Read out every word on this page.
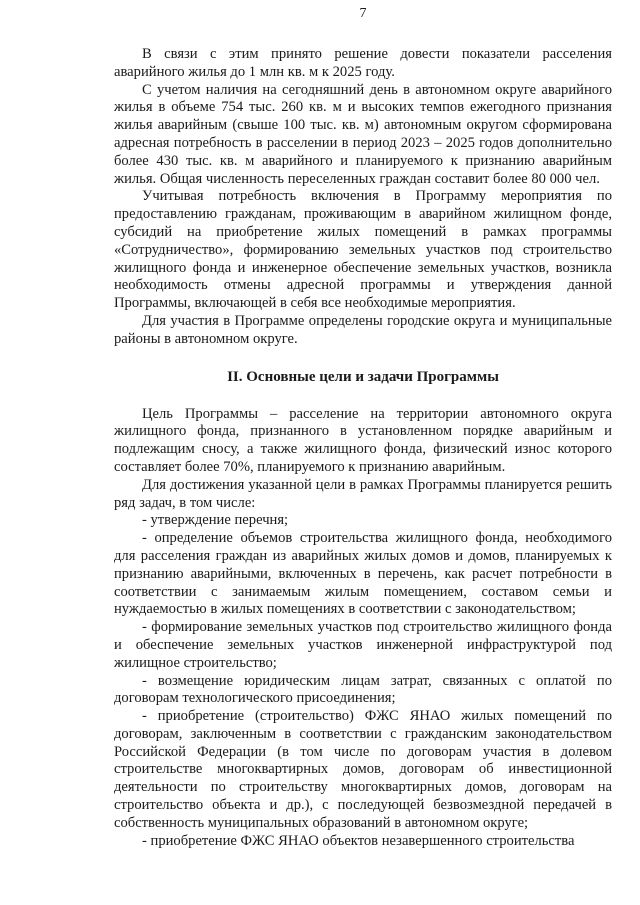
7

В связи с этим принято решение довести показатели расселения аварийного жилья до 1 млн кв. м к 2025 году.

С учетом наличия на сегодняшний день в автономном округе аварийного жилья в объеме 754 тыс. 260 кв. м и высоких темпов ежегодного признания жилья аварийным (свыше 100 тыс. кв. м) автономным округом сформирована адресная потребность в расселении в период 2023 – 2025 годов дополнительно более 430 тыс. кв. м аварийного и планируемого к признанию аварийным жилья. Общая численность переселенных граждан составит более 80 000 чел.

Учитывая потребность включения в Программу мероприятия по предоставлению гражданам, проживающим в аварийном жилищном фонде, субсидий на приобретение жилых помещений в рамках программы «Сотрудничество», формированию земельных участков под строительство жилищного фонда и инженерное обеспечение земельных участков, возникла необходимость отмены адресной программы и утверждения данной Программы, включающей в себя все необходимые мероприятия.

Для участия в Программе определены городские округа и муниципальные районы в автономном округе.

II. Основные цели и задачи Программы

Цель Программы – расселение на территории автономного округа жилищного фонда, признанного в установленном порядке аварийным и подлежащим сносу, а также жилищного фонда, физический износ которого составляет более 70%, планируемого к признанию аварийным.

Для достижения указанной цели в рамках Программы планируется решить ряд задач, в том числе:

- утверждение перечня;

- определение объемов строительства жилищного фонда, необходимого для расселения граждан из аварийных жилых домов и домов, планируемых к признанию аварийными, включенных в перечень, как расчет потребности в соответствии с занимаемым жилым помещением, составом семьи и нуждаемостью в жилых помещениях в соответствии с законодательством;

- формирование земельных участков под строительство жилищного фонда и обеспечение земельных участков инженерной инфраструктурой под жилищное строительство;

- возмещение юридическим лицам затрат, связанных с оплатой по договорам технологического присоединения;

- приобретение (строительство) ФЖС ЯНАО жилых помещений по договорам, заключенным в соответствии с гражданским законодательством Российской Федерации (в том числе по договорам участия в долевом строительстве многоквартирных домов, договорам об инвестиционной деятельности по строительству многоквартирных домов, договорам на строительство объекта и др.), с последующей безвозмездной передачей в собственность муниципальных образований в автономном округе;

- приобретение ФЖС ЯНАО объектов незавершенного строительства
